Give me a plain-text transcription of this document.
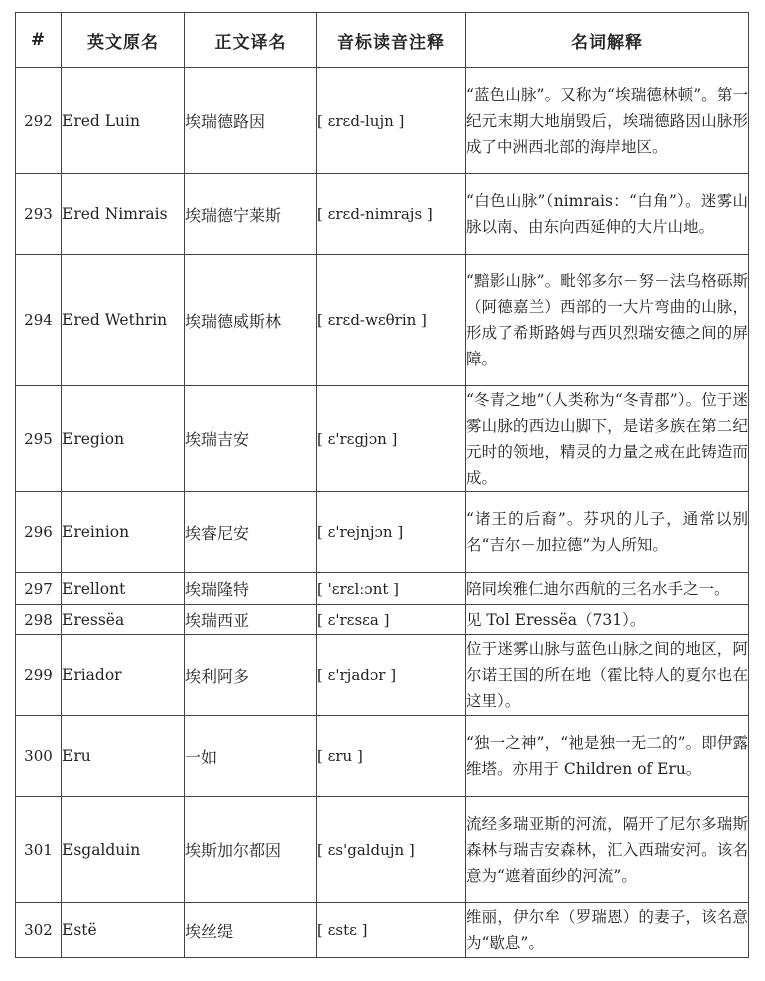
#	英文原名	正文译名	音标读音注释	名词解释
292	Ered Luin	埃瑞德路因	[ ɛrɛd-lujn ]	“蓝色山脉”。又称为“埃瑞德林顿”。第一纪元末期大地崩毁后，埃瑞德路因山脉形成了中洲西北部的海岸地区。
293	Ered Nimrais	埃瑞德宁莱斯	[ ɛrɛd-nimrajs ]	“白色山脉”（nimrais：“白角”）。迷雾山脉以南、由东向西延伸的大片山地。
294	Ered Wethrin	埃瑞德威斯林	[ ɛrɛd-wɛθrin ]	“黯影山脉”。毗邻多尔－努－法乌格砾斯（阿德嘉兰）西部的一大片弯曲的山脉，形成了希斯路姆与西贝烈瑞安德之间的屏障。
295	Eregion	埃瑞吉安	[ ɛ'rɛgjɔn ]	“冬青之地”（人类称为“冬青郡”）。位于迷雾山脉的西边山脚下，是诺多族在第二纪元时的领地，精灵的力量之戒在此铸造而成。
296	Ereinion	埃睿尼安	[ ɛ'rejnjɔn ]	“诸王的后裔”。芬巩的儿子，通常以别名“吉尔－加拉德”为人所知。
297	Erellont	埃瑞隆特	[ 'ɛrɛlːɔnt ]	陪同埃雅仁迪尔西航的三名水手之一。
298	Eressëa	埃瑞西亚	[ ɛ'rɛsɛa ]	见 Tol Eressëa（731）。
299	Eriador	埃利阿多	[ ɛ'rjadɔr ]	位于迷雾山脉与蓝色山脉之间的地区，阿尔诺王国的所在地（霍比特人的夏尔也在这里）。
300	Eru	一如	[ ɛru ]	“独一之神”，“祂是独一无二的”。即伊露维塔。亦用于 Children of Eru。
301	Esgalduin	埃斯加尔都因	[ ɛs'galdujn ]	流经多瑞亚斯的河流，隔开了尼尔多瑞斯森林与瑞吉安森林，汇入西瑞安河。该名意为“遮着面纱的河流”。
302	Estë	埃丝缇	[ ɛstɛ ]	维丽，伊尔牟（罗瑞恩）的妻子，该名意为“歇息”。
